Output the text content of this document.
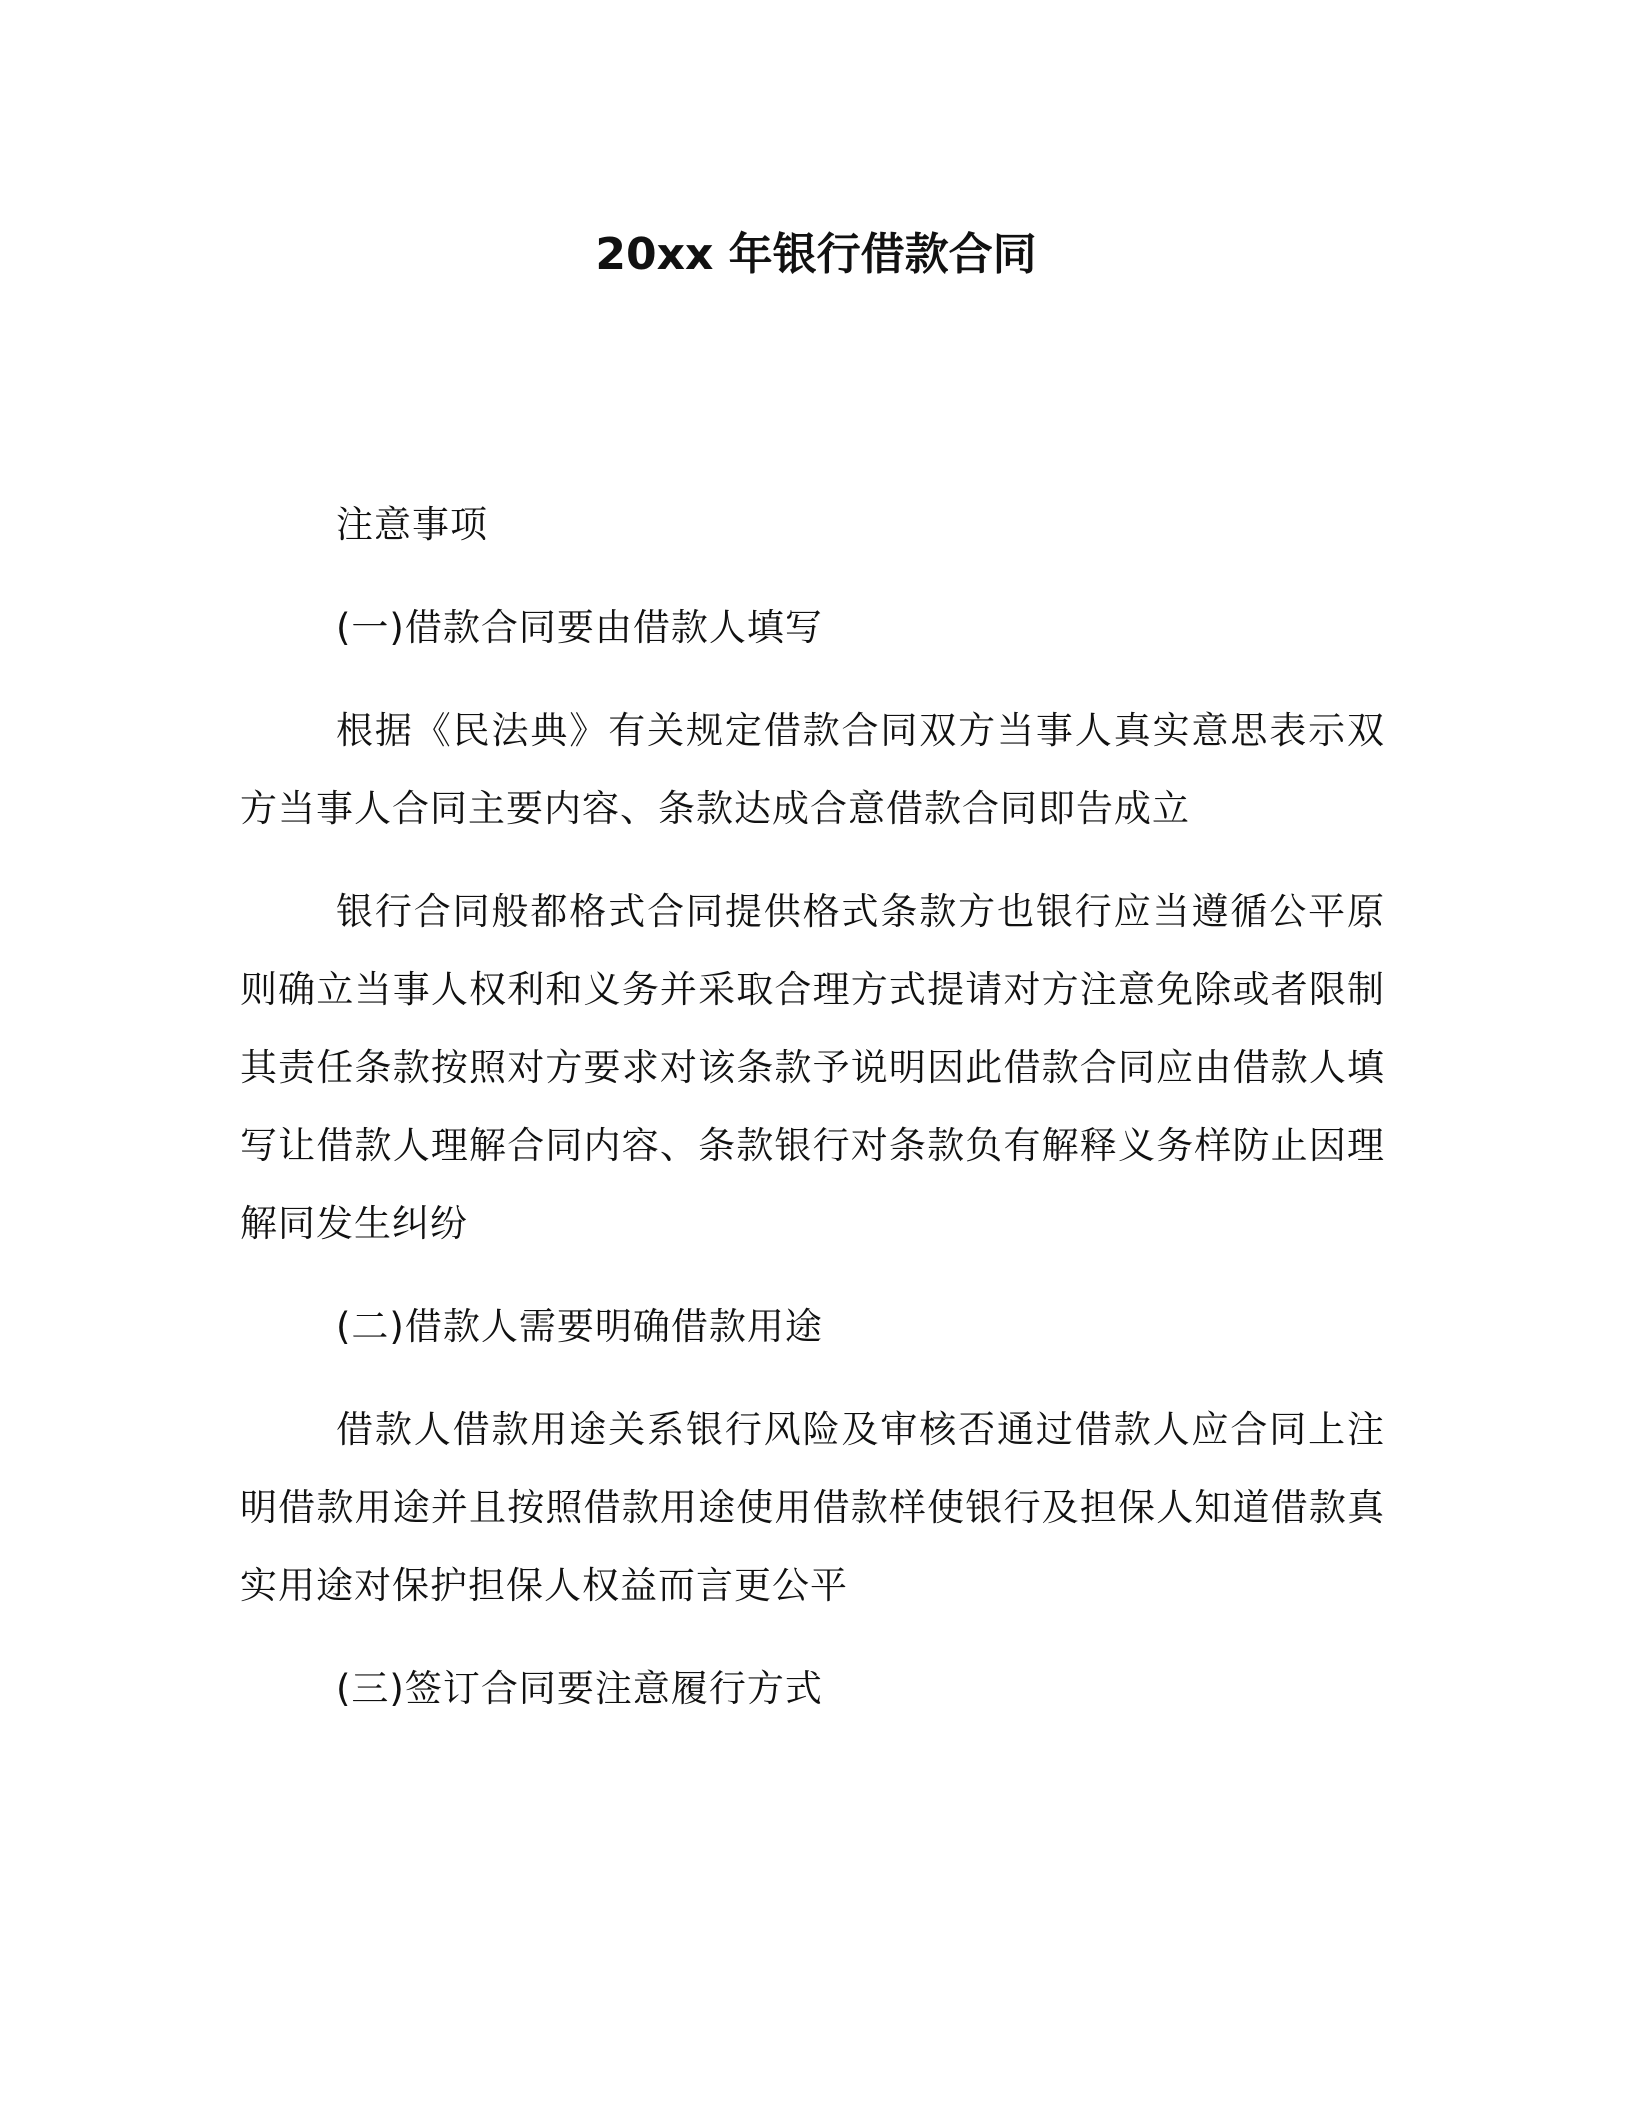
20xx 年银行借款合同

注意事项

(一)借款合同要由借款人填写

根据《民法典》有关规定借款合同双方当事人真实意思表示双方当事人合同主要内容、条款达成合意借款合同即告成立

银行合同般都格式合同提供格式条款方也银行应当遵循公平原则确立当事人权利和义务并采取合理方式提请对方注意免除或者限制其责任条款按照对方要求对该条款予说明因此借款合同应由借款人填写让借款人理解合同内容、条款银行对条款负有解释义务样防止因理解同发生纠纷

(二)借款人需要明确借款用途

借款人借款用途关系银行风险及审核否通过借款人应合同上注明借款用途并且按照借款用途使用借款样使银行及担保人知道借款真实用途对保护担保人权益而言更公平

(三)签订合同要注意履行方式
